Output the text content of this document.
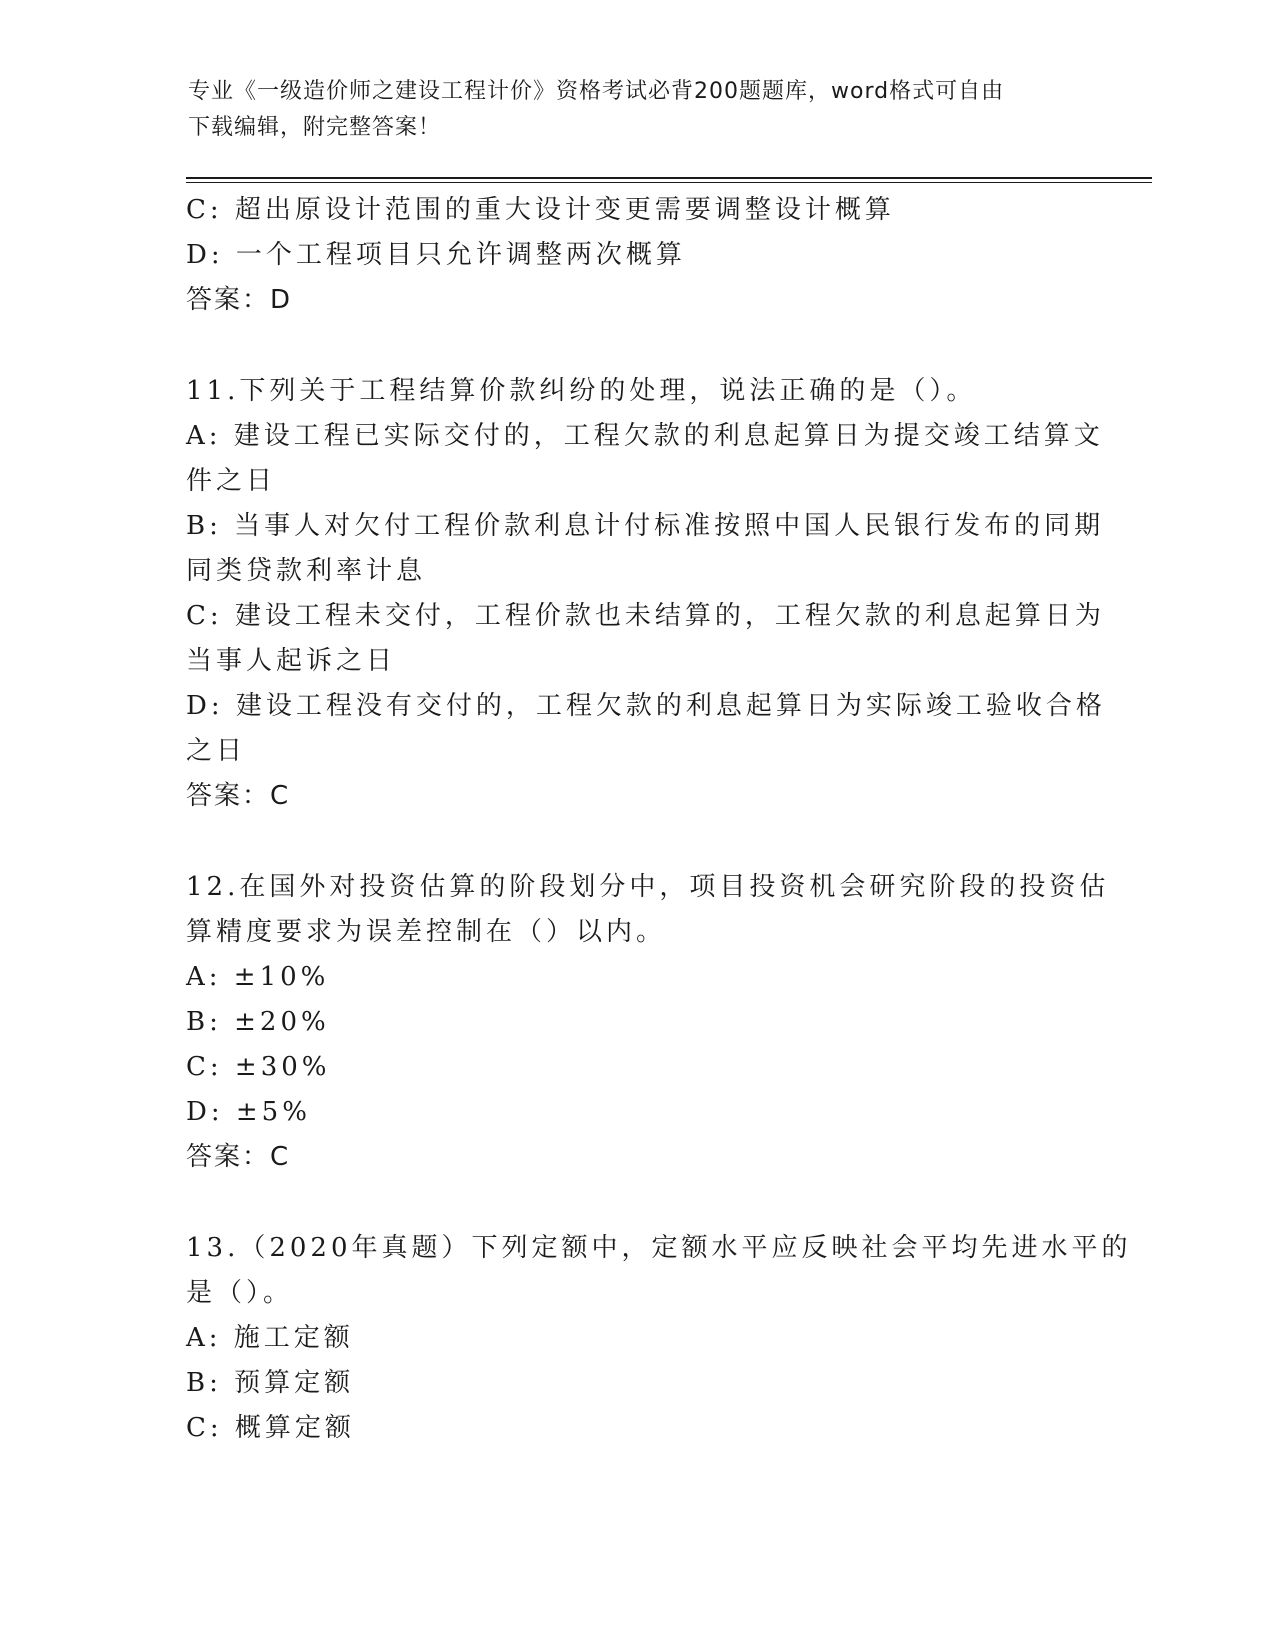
专业《一级造价师之建设工程计价》资格考试必背200题题库，word格式可自由
下载编辑，附完整答案！
C: 超出原设计范围的重大设计变更需要调整设计概算
D: 一个工程项目只允许调整两次概算
答案：D
11.下列关于工程结算价款纠纷的处理，说法正确的是（）。
A: 建设工程已实际交付的，工程欠款的利息起算日为提交竣工结算文
件之日
B: 当事人对欠付工程价款利息计付标准按照中国人民银行发布的同期
同类贷款利率计息
C: 建设工程未交付，工程价款也未结算的，工程欠款的利息起算日为
当事人起诉之日
D: 建设工程没有交付的，工程欠款的利息起算日为实际竣工验收合格
之日
答案：C
12.在国外对投资估算的阶段划分中，项目投资机会研究阶段的投资估
算精度要求为误差控制在（）以内。
A: ±10%
B: ±20%
C: ±30%
D: ±5%
答案：C
13.（2020年真题）下列定额中，定额水平应反映社会平均先进水平的
是（）。
A: 施工定额
B: 预算定额
C: 概算定额
